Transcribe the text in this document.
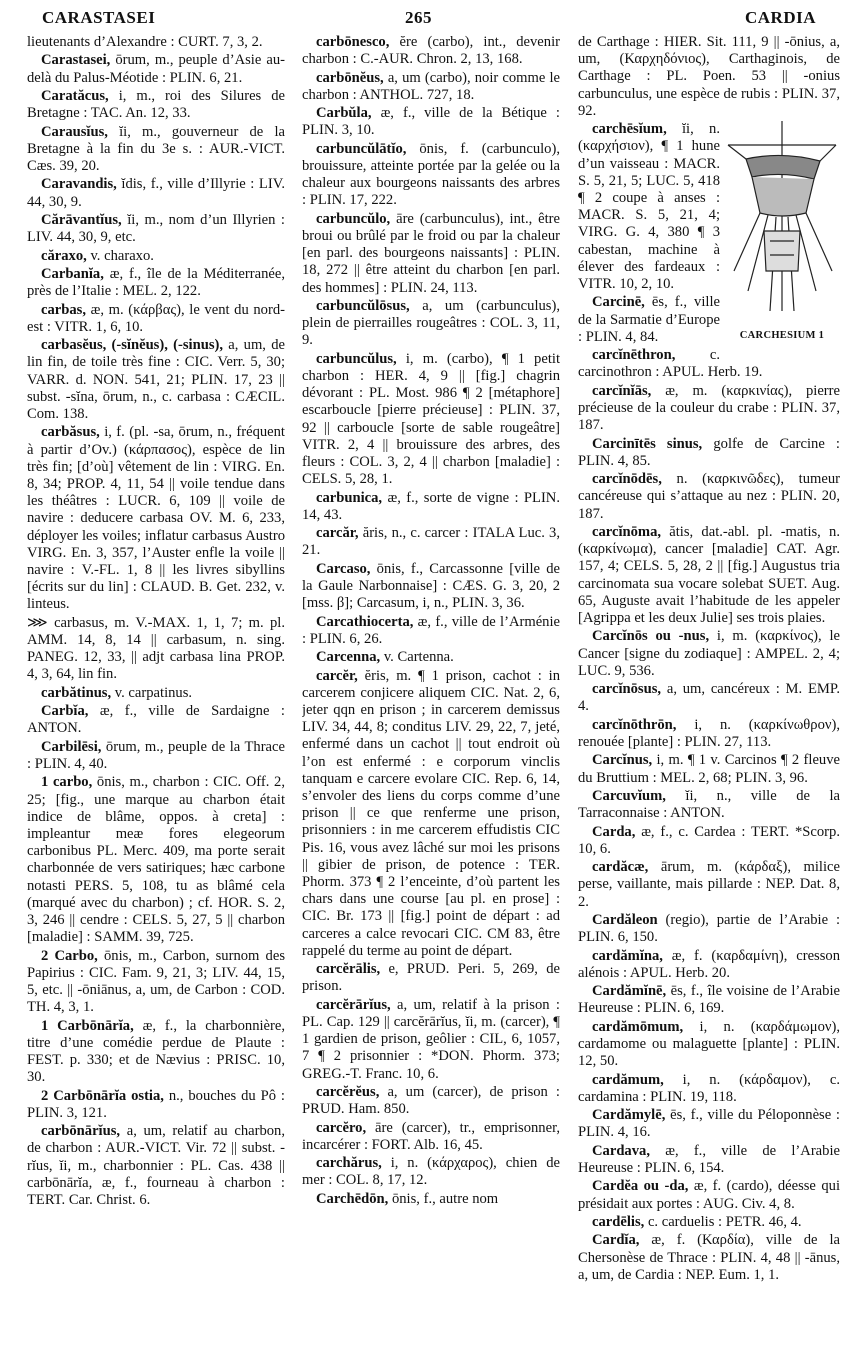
CARASTASEI	265	CARDIA
lieutenants d’Alexandre : CURT. 7, 3, 2.
Carastasei, ōrum, m., peuple d’Asie au-delà du Palus-Méotide : PLIN. 6, 21.
Caratăcus, i, m., roi des Silures de Bretagne : TAC. An. 12, 33.
Carausĭus, ĭi, m., gouverneur de la Bretagne à la fin du 3e s. : AUR.-VICT. Cæs. 39, 20.
Caravandis, ĭdis, f., ville d’Illyrie : LIV. 44, 30, 9.
Cărāvantĭus, ĭi, m., nom d’un Illyrien : LIV. 44, 30, 9, etc.
căraxo, v. charaxo.
Carbanĭa, æ, f., île de la Méditerranée, près de l’Italie : MEL. 2, 122.
carbas, æ, m. (κάρβας), le vent du nord-est : VITR. 1, 6, 10.
carbasĕus, (-sĭnĕus), (-sinus), a, um, de lin fin, de toile très fine : CIC. Verr. 5, 30; VARR. d. NON. 541, 21; PLIN. 17, 23 || subst. -sĭna, ōrum, n., c. carbasa : CÆCIL. Com. 138.
carbăsus, i, f. (pl. -sa, ōrum, n., fréquent à partir d’Ov.) (κάρπασος), espèce de lin très fin; [d’où] vêtement de lin : VIRG. En. 8, 34; PROP. 4, 11, 54 || voile tendue dans les théâtres : LUCR. 6, 109 || voile de navire : deducere carbasa OV. M. 6, 233, déployer les voiles; inflatur carbasus Austro VIRG. En. 3, 357, l’Auster enfle la voile || navire : V.-FL. 1, 8 || les livres sibyllins [écrits sur du lin] : CLAUD. B. Get. 232, v. linteus.
⋙ carbasus, m. V.-MAX. 1, 1, 7; m. pl. AMM. 14, 8, 14 || carbasum, n. sing. PANEG. 12, 33, || adjt carbasa lina PROP. 4, 3, 64, lin fin.
carbătinus, v. carpatinus.
Carbĭa, æ, f., ville de Sardaigne : ANTON.
Carbilēsi, ōrum, m., peuple de la Thrace : PLIN. 4, 40.
1 carbo, ōnis, m., charbon : CIC. Off. 2, 25; [fig., une marque au charbon était indice de blâme, oppos. à creta] : impleantur meæ fores elegeorum carbonibus PL. Merc. 409, ma porte serait charbonnée de vers satiriques; hæc carbone notasti PERS. 5, 108, tu as blâmé cela (marqué avec du charbon) ; cf. HOR. S. 2, 3, 246 || cendre : CELS. 5, 27, 5 || charbon [maladie] : SAMM. 39, 725.
2 Carbo, ōnis, m., Carbon, surnom des Papirius : CIC. Fam. 9, 21, 3; LIV. 44, 15, 5, etc. || -ōniānus, a, um, de Carbon : COD. TH. 4, 3, 1.
1 Carbōnārĭa, æ, f., la charbonnière, titre d’une comédie perdue de Plaute : FEST. p. 330; et de Nævius : PRISC. 10, 30.
2 Carbōnārĭa ostia, n., bouches du Pô : PLIN. 3, 121.
carbōnārĭus, a, um, relatif au charbon, de charbon : AUR.-VICT. Vir. 72 || subst. -rĭus, ĭi, m., charbonnier : PL. Cas. 438 || carbōnārĭa, æ, f., fourneau à charbon : TERT. Car. Christ. 6.
carbōnesco, ĕre (carbo), int., devenir charbon : C.-AUR. Chron. 2, 13, 168.
carbōnĕus, a, um (carbo), noir comme le charbon : ANTHOL. 727, 18.
Carbŭla, æ, f., ville de la Bétique : PLIN. 3, 10.
carbuncŭlātĭo, ōnis, f. (carbunculo), brouissure, atteinte portée par la gelée ou la chaleur aux bourgeons naissants des arbres : PLIN. 17, 222.
carbuncŭlo, āre (carbunculus), int., être broui ou brûlé par le froid ou par la chaleur [en parl. des bourgeons naissants] : PLIN. 18, 272 || être atteint du charbon [en parl. des hommes] : PLIN. 24, 113.
carbuncŭlōsus, a, um (carbunculus), plein de pierrailles rougeâtres : COL. 3, 11, 9.
carbuncŭlus, i, m. (carbo), ¶ 1 petit charbon : HER. 4, 9 || [fig.] chagrin dévorant : PL. Most. 986 ¶ 2 [métaphore] escarboucle [pierre précieuse] : PLIN. 37, 92 || carboucle [sorte de sable rougeâtre] VITR. 2, 4 || brouissure des arbres, des fleurs : COL. 3, 2, 4 || charbon [maladie] : CELS. 5, 28, 1.
carbunica, æ, f., sorte de vigne : PLIN. 14, 43.
carcăr, ăris, n., c. carcer : ITALA Luc. 3, 21.
Carcaso, ōnis, f., Carcassonne [ville de la Gaule Narbonnaise] : CÆS. G. 3, 20, 2 [mss. β]; Carcasum, i, n., PLIN. 3, 36.
Carcathiocerta, æ, f., ville de l’Arménie : PLIN. 6, 26.
Carcenna, v. Cartenna.
carcĕr, ĕris, m. ¶ 1 prison, cachot : in carcerem conjicere aliquem CIC. Nat. 2, 6, jeter qqn en prison ; in carcerem demissus LIV. 34, 44, 8; conditus LIV. 29, 22, 7, jeté, enfermé dans un cachot || tout endroit où l’on est enfermé : e corporum vinclis tanquam e carcere evolare CIC. Rep. 6, 14, s’envoler des liens du corps comme d’une prison || ce que renferme une prison, prisonniers : in me carcerem effudistis CIC Pis. 16, vous avez lâché sur moi les prisons || gibier de prison, de potence : TER. Phorm. 373 ¶ 2 l’enceinte, d’où partent les chars dans une course [au pl. en prose] : CIC. Br. 173 || [fig.] point de départ : ad carceres a calce revocari CIC. CM 83, être rappelé du terme au point de départ.
carcĕrālis, e, PRUD. Peri. 5, 269, de prison.
carcĕrārĭus, a, um, relatif à la prison : PL. Cap. 129 || carcĕrārĭus, ĭi, m. (carcer), ¶ 1 gardien de prison, geôlier : CIL, 6, 1057, 7 ¶ 2 prisonnier : *DON. Phorm. 373; GREG.-T. Franc. 10, 6.
carcĕrĕus, a, um (carcer), de prison : PRUD. Ham. 850.
carcĕro, āre (carcer), tr., emprisonner, incarcérer : FORT. Alb. 16, 45.
carchărus, i, n. (κάρχαρος), chien de mer : COL. 8, 17, 12.
Carchēdōn, ōnis, f., autre nom
de Carthage : HIER. Sit. 111, 9 || -ōnius, a, um, (Καρχηδόνιος), Carthaginois, de Carthage : PL. Poen. 53 || -onius carbunculus, une espèce de rubis : PLIN. 37, 92.
CARCHESIUM 1
carchēsĭum, ĭi, n. (καρχήσιον), ¶ 1 hune d’un vaisseau : MACR. S. 5, 21, 5; LUC. 5, 418 ¶ 2 coupe à anses : MACR. S. 5, 21, 4; VIRG. G. 4, 380 ¶ 3 cabestan, machine à élever des fardeaux : VITR. 10, 2, 10.
Carcinē, ēs, f., ville de la Sarmatie d’Europe : PLIN. 4, 84.
carcĭnēthron, c. carcinothron : APUL. Herb. 19.
carcĭnĭās, æ, m. (καρκινίας), pierre précieuse de la couleur du crabe : PLIN. 37, 187.
Carcinītēs sinus, golfe de Carcine : PLIN. 4, 85.
carcĭnōdēs, n. (καρκινῶδες), tumeur cancéreuse qui s’attaque au nez : PLIN. 20, 187.
carcĭnōma, ătis, dat.-abl. pl. -matis, n. (καρκίνωμα), cancer [maladie] CAT. Agr. 157, 4; CELS. 5, 28, 2 || [fig.] Augustus tria carcinomata sua vocare solebat SUET. Aug. 65, Auguste avait l’habitude de les appeler [Agrippa et les deux Julie] ses trois plaies.
Carcĭnōs ou -nus, i, m. (καρκίνος), le Cancer [signe du zodiaque] : AMPEL. 2, 4; LUC. 9, 536.
carcĭnōsus, a, um, cancéreux : M. EMP. 4.
carcĭnōthrōn, i, n. (καρκίνωθρον), renouée [plante] : PLIN. 27, 113.
Carcĭnus, i, m. ¶ 1 v. Carcinos ¶ 2 fleuve du Bruttium : MEL. 2, 68; PLIN. 3, 96.
Carcuvĭum, ĭi, n., ville de la Tarraconnaise : ANTON.
Carda, æ, f., c. Cardea : TERT. *Scorp. 10, 6.
cardăcæ, ārum, m. (κάρδαξ), milice perse, vaillante, mais pillarde : NEP. Dat. 8, 2.
Cardăleon (regio), partie de l’Arabie : PLIN. 6, 150.
cardămĭna, æ, f. (καρδαμίνη), cresson alénois : APUL. Herb. 20.
Cardămĭnē, ēs, f., île voisine de l’Arabie Heureuse : PLIN. 6, 169.
cardămōmum, i, n. (καρδάμωμον), cardamome ou malaguette [plante] : PLIN. 12, 50.
cardămum, i, n. (κάρδαμον), c. cardamina : PLIN. 19, 118.
Cardămylē, ēs, f., ville du Péloponnèse : PLIN. 4, 16.
Cardava, æ, f., ville de l’Arabie Heureuse : PLIN. 6, 154.
Cardĕa ou -da, æ, f. (cardo), déesse qui présidait aux portes : AUG. Civ. 4, 8.
cardēlis, c. carduelis : PETR. 46, 4.
Cardĭa, æ, f. (Καρδία), ville de la Chersonèse de Thrace : PLIN. 4, 48 || -ānus, a, um, de Cardia : NEP. Eum. 1, 1.
